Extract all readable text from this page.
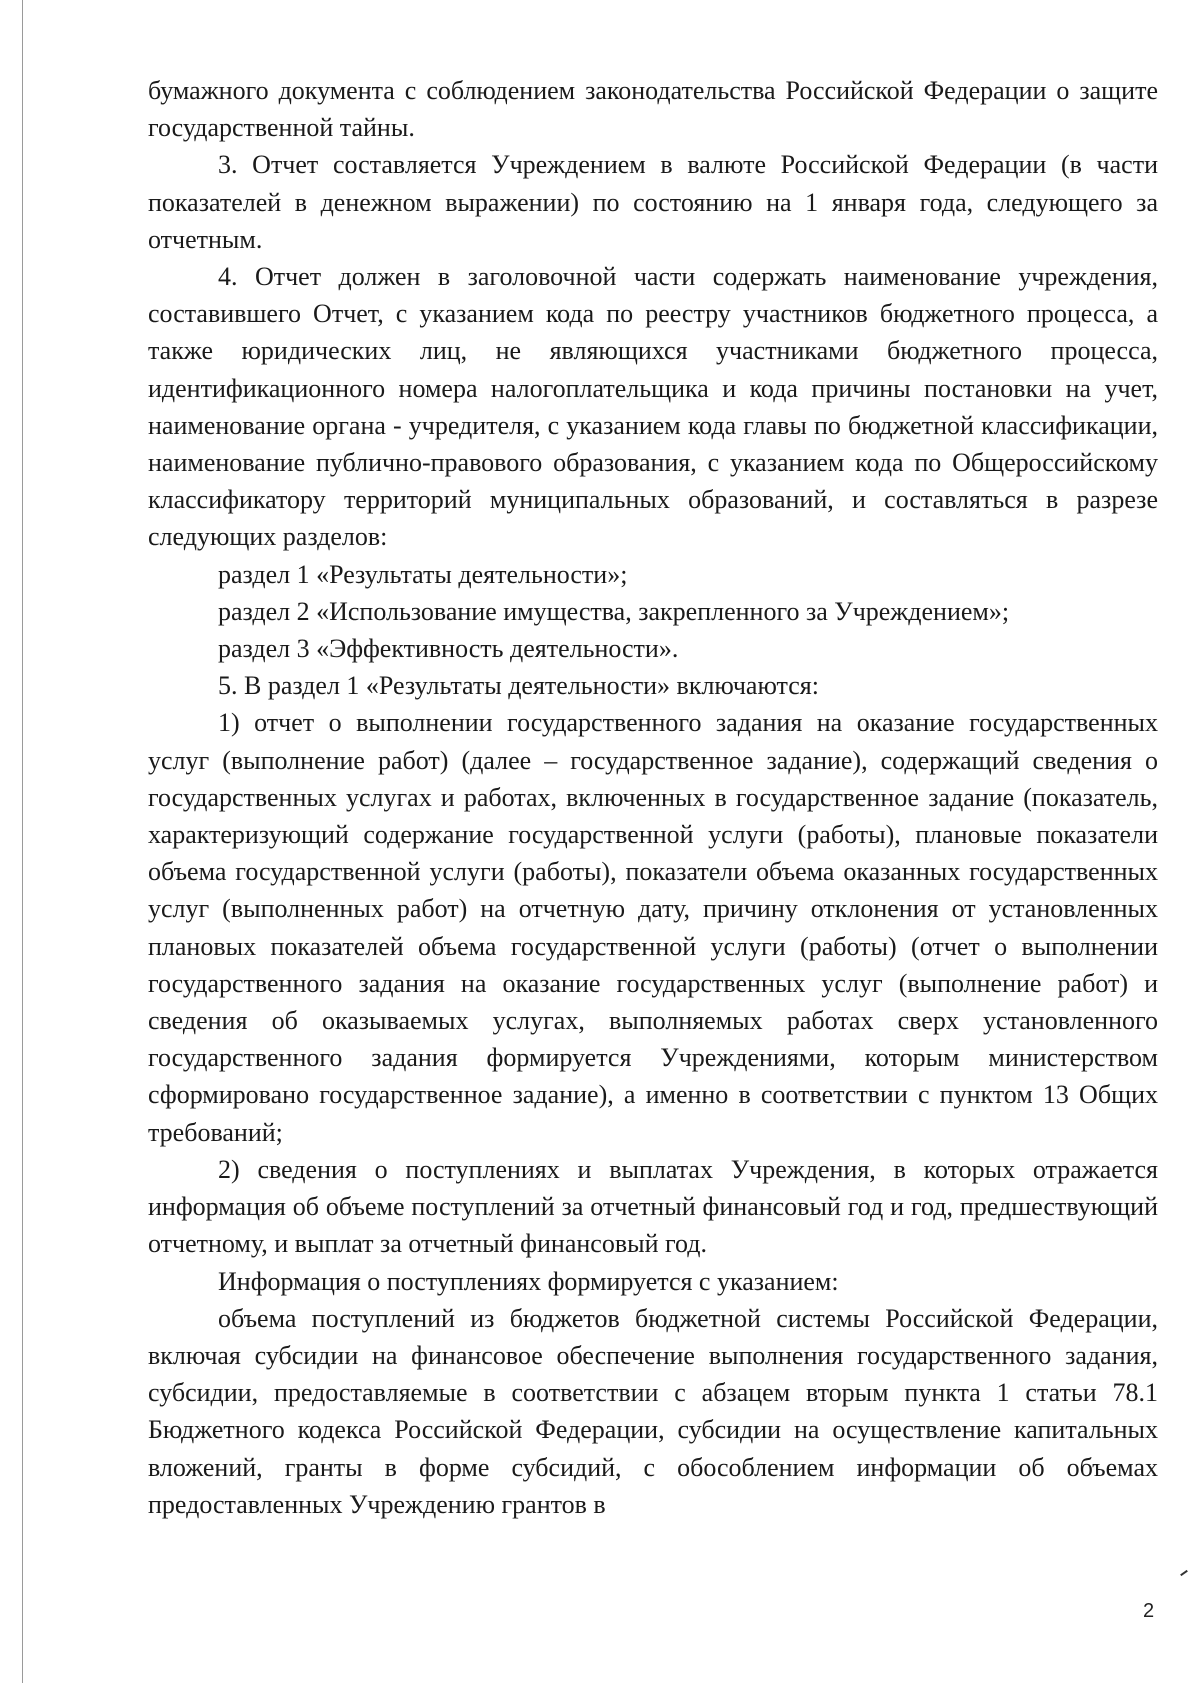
бумажного документа с соблюдением законодательства Российской Федерации о защите государственной тайны.

3. Отчет составляется Учреждением в валюте Российской Федерации (в части показателей в денежном выражении) по состоянию на 1 января года, следующего за отчетным.

4. Отчет должен в заголовочной части содержать наименование учреждения, составившего Отчет, с указанием кода по реестру участников бюджетного процесса, а также юридических лиц, не являющихся участниками бюджетного процесса, идентификационного номера налогоплательщика и кода причины постановки на учет, наименование органа - учредителя, с указанием кода главы по бюджетной классификации, наименование публично-правового образования, с указанием кода по Общероссийскому классификатору территорий муниципальных образований, и составляться в разрезе следующих разделов:

раздел 1 «Результаты деятельности»;

раздел 2 «Использование имущества, закрепленного за Учреждением»;

раздел 3 «Эффективность деятельности».

5. В раздел 1 «Результаты деятельности» включаются:

1) отчет о выполнении государственного задания на оказание государственных услуг (выполнение работ) (далее – государственное задание), содержащий сведения о государственных услугах и работах, включенных в государственное задание (показатель, характеризующий содержание государственной услуги (работы), плановые показатели объема государственной услуги (работы), показатели объема оказанных государственных услуг (выполненных работ) на отчетную дату, причину отклонения от установленных плановых показателей объема государственной услуги (работы) (отчет о выполнении государственного задания на оказание государственных услуг (выполнение работ) и сведения об оказываемых услугах, выполняемых работах сверх установленного государственного задания формируется Учреждениями, которым министерством сформировано государственное задание), а именно в соответствии с пунктом 13 Общих требований;

2) сведения о поступлениях и выплатах Учреждения, в которых отражается информация об объеме поступлений за отчетный финансовый год и год, предшествующий отчетному, и выплат за отчетный финансовый год.

Информация о поступлениях формируется с указанием:

объема поступлений из бюджетов бюджетной системы Российской Федерации, включая субсидии на финансовое обеспечение выполнения государственного задания, субсидии, предоставляемые в соответствии с абзацем вторым пункта 1 статьи 78.1 Бюджетного кодекса Российской Федерации, субсидии на осуществление капитальных вложений, гранты в форме субсидий, с обособлением информации об объемах предоставленных Учреждению грантов в

2
